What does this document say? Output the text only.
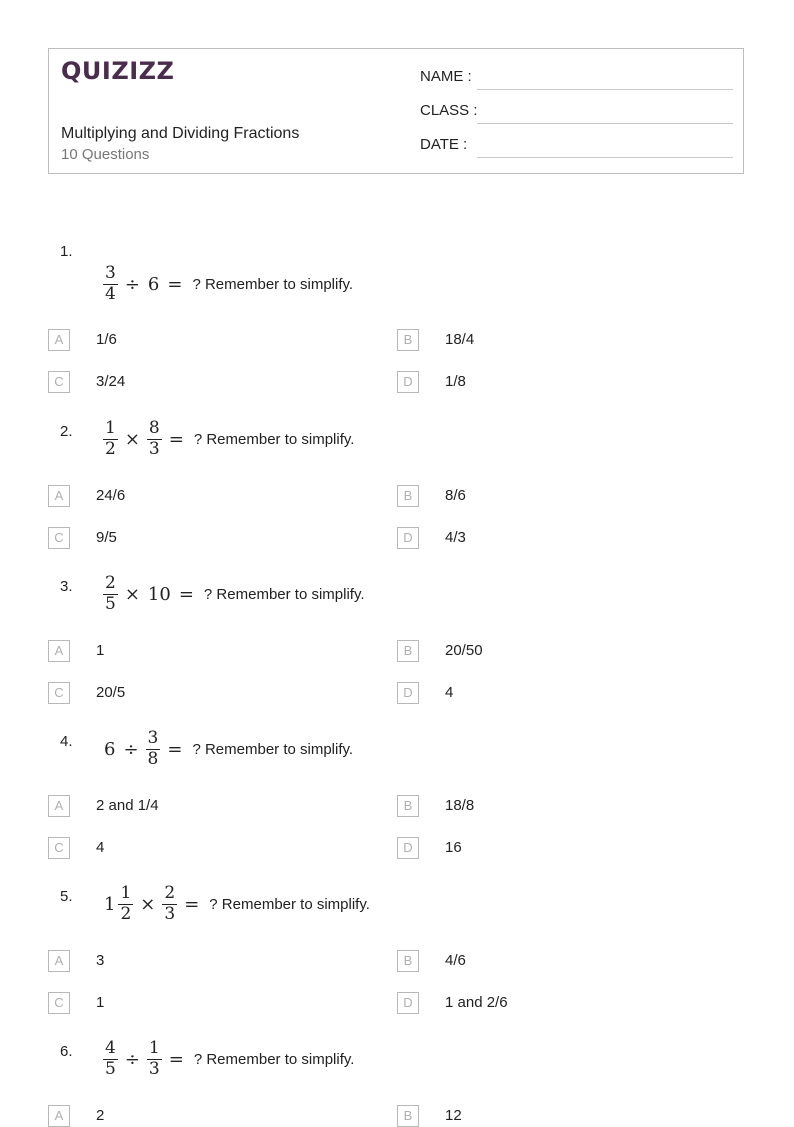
QUIZIZZ
Multiplying and Dividing Fractions
10 Questions
NAME :
CLASS :
DATE :
1.
$\frac{3}{4} \div 6$ = ? Remember to simplify.
A	1/6	B	18/4
C	3/24	D	1/8
2. $\frac{1}{2} \times \frac{8}{3}$ = ? Remember to simplify.
A	24/6	B	8/6
C	9/5	D	4/3
3. $\frac{2}{5} \times 10$ = ? Remember to simplify.
A	1	B	20/50
C	20/5	D	4
4. $6 \div \frac{3}{8}$ = ? Remember to simplify.
A	2 and 1/4	B	18/8
C	4	D	16
5. $1 \frac{1}{2} \times \frac{2}{3}$ = ? Remember to simplify.
A	3	B	4/6
C	1	D	1 and 2/6
6. $\frac{4}{5} \div \frac{1}{3}$ = ? Remember to simplify.
A	2	B	12
